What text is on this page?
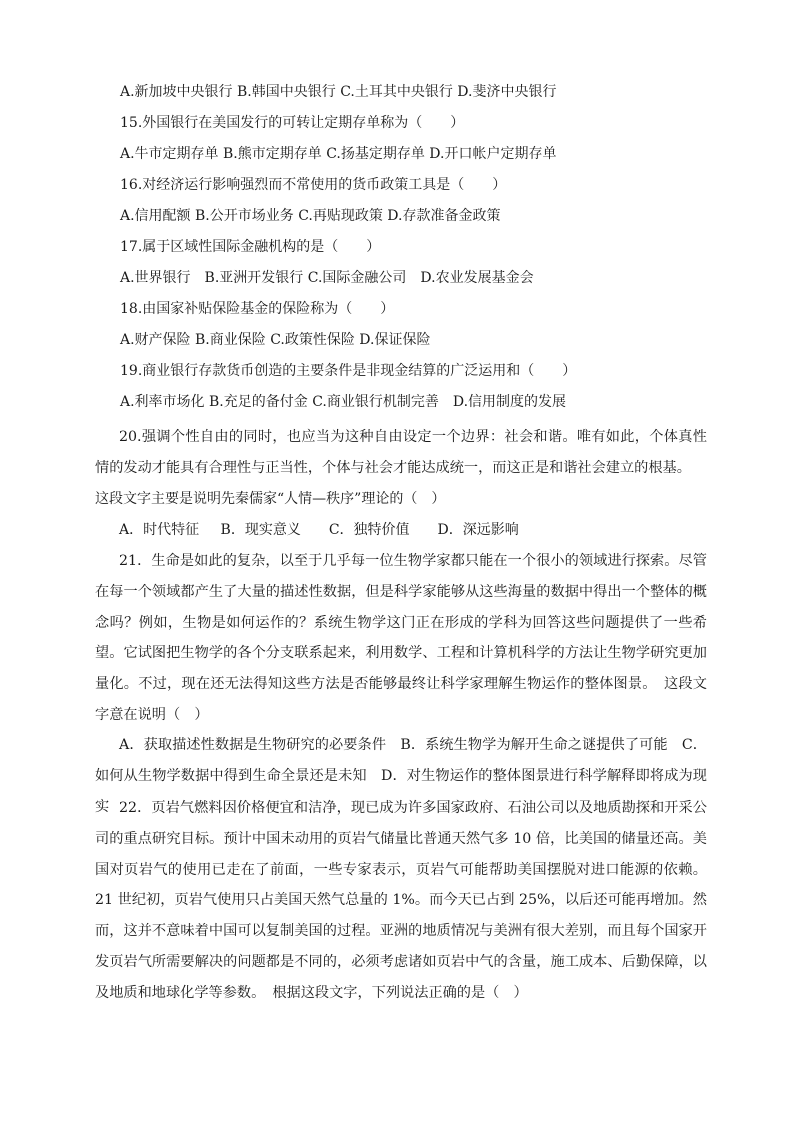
A.新加坡中央银行 B.韩国中央银行 C.土耳其中央银行 D.斐济中央银行
15.外国银行在美国发行的可转让定期存单称为（　　）
A.牛市定期存单 B.熊市定期存单 C.扬基定期存单 D.开口帐户定期存单
16.对经济运行影响强烈而不常使用的货币政策工具是（　　）
A.信用配额 B.公开市场业务 C.再贴现政策 D.存款准备金政策
17.属于区域性国际金融机构的是（　　）
A.世界银行　B.亚洲开发银行 C.国际金融公司　D.农业发展基金会
18.由国家补贴保险基金的保险称为（　　）
A.财产保险 B.商业保险 C.政策性保险 D.保证保险
19.商业银行存款货币创造的主要条件是非现金结算的广泛运用和（　　）
A.利率市场化 B.充足的备付金 C.商业银行机制完善　D.信用制度的发展

20.强调个性自由的同时，也应当为这种自由设定一个边界：社会和谐。唯有如此，个体真性情的发动才能具有合理性与正当性，个体与社会才能达成统一，而这正是和谐社会建立的根基。

这段文字主要是说明先秦儒家“人情—秩序”理论的（　）
A．时代特征　 B．现实意义　　C．独特价值　　D．深远影响

21．生命是如此的复杂，以至于几乎每一位生物学家都只能在一个很小的领域进行探索。尽管在每一个领域都产生了大量的描述性数据，但是科学家能够从这些海量的数据中得出一个整体的概念吗？例如，生物是如何运作的？系统生物学这门正在形成的学科为回答这些问题提供了一些希望。它试图把生物学的各个分支联系起来，利用数学、工程和计算机科学的方法让生物学研究更加量化。不过，现在还无法得知这些方法是否能够最终让科学家理解生物运作的整体图景。　这段文字意在说明（　）

A．获取描述性数据是生物研究的必要条件　B．系统生物学为解开生命之谜提供了可能　C．如何从生物学数据中得到生命全景还是未知　D．对生物运作的整体图景进行科学解释即将成为现实 22．页岩气燃料因价格便宜和洁净，现已成为许多国家政府、石油公司以及地质勘探和开采公司的重点研究目标。预计中国未动用的页岩气储量比普通天然气多 10 倍，比美国的储量还高。美国对页岩气的使用已走在了前面，一些专家表示，页岩气可能帮助美国摆脱对进口能源的依赖。21 世纪初，页岩气使用只占美国天然气总量的 1%。而今天已占到 25%，以后还可能再增加。然而，这并不意味着中国可以复制美国的过程。亚洲的地质情况与美洲有很大差别，而且每个国家开发页岩气所需要解决的问题都是不同的，必须考虑诸如页岩中气的含量，施工成本、后勤保障，以及地质和地球化学等参数。　根据这段文字，下列说法正确的是（　）
